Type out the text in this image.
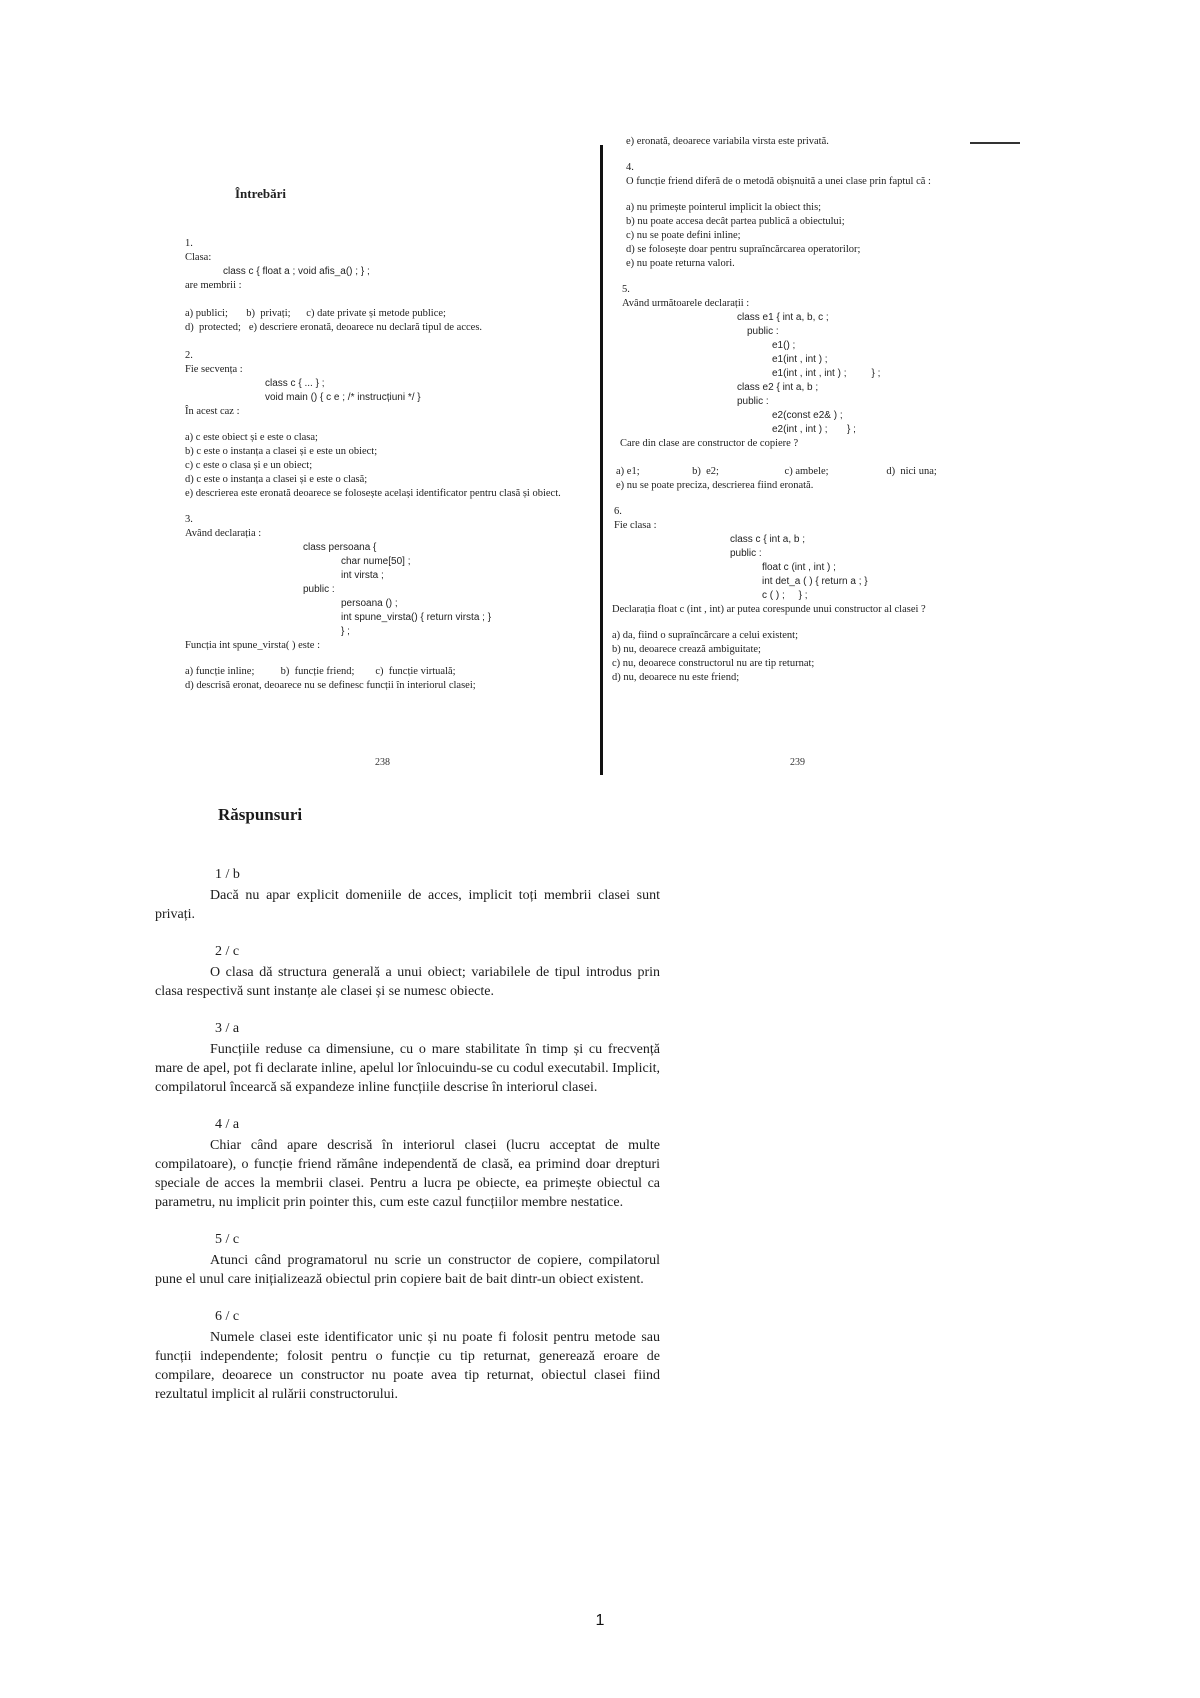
Întrebări
1.
Clasa:
class c { float a ; void afis_a() ; } ;
are membrii :
a) publici;       b)  privați;      c) date private și metode publice;
d)  protected;   e) descriere eronată, deoarece nu declară tipul de acces.
2.
Fie secvența :
class c { ... } ;
void main () { c e ; /* instrucțiuni */ }
În acest caz :
a) c este obiect și e este o clasa;
b) c este o instanța a clasei și e este un obiect;
c) c este o clasa și e un obiect;
d) c este o instanța a clasei și e este o clasă;
e) descrierea este eronată deoarece se folosește același identificator pentru clasă și obiect.
3.
Având declarația :
class persoana {
char nume[50] ;
int virsta ;
public :
persoana () ;
int spune_virsta() { return virsta ; }
} ;
Funcția int spune_virsta( ) este :
a) funcție inline;          b)  funcție friend;        c)  funcție virtuală;
d) descrisă eronat, deoarece nu se definesc funcții în interiorul clasei;
238
e) eronată, deoarece variabila virsta este privată.
4.
O funcție friend diferă de o metodă obișnuită a unei clase prin faptul că :
a) nu primește pointerul implicit la obiect this;
b) nu poate accesa decât partea publică a obiectului;
c) nu se poate defini inline;
d) se folosește doar pentru supraîncărcarea operatorilor;
e) nu poate returna valori.
5.
Având următoarele declarații :
class e1 { int a, b, c ;
public :
e1() ;
e1(int , int ) ;
e1(int , int , int ) ;         } ;
class e2 { int a, b ;
public :
e2(const e2& ) ;
e2(int , int ) ;       } ;
Care din clase are constructor de copiere ?
a) e1;                    b)  e2;                         c) ambele;                      d)  nici una;
e) nu se poate preciza, descrierea fiind eronată.
6.
Fie clasa :
class c { int a, b ;
public :
float c (int , int ) ;
int det_a ( ) { return a ; }
c ( ) ;     } ;
Declarația float c (int , int) ar putea corespunde unui constructor al clasei ?
a) da, fiind o supraîncărcare a celui existent;
b) nu, deoarece crează ambiguitate;
c) nu, deoarece constructorul nu are tip returnat;
d) nu, deoarece nu este friend;
239
Răspunsuri
1 / b
Dacă nu apar explicit domeniile de acces, implicit toți membrii clasei sunt privați.
2 / c
O clasa dă structura generală a unui obiect; variabilele de tipul introdus prin clasa respectivă sunt instanțe ale clasei și se numesc obiecte.
3 / a
Funcțiile reduse ca dimensiune, cu o mare stabilitate în timp și cu frecvență mare de apel, pot fi declarate inline, apelul lor înlocuindu-se cu codul executabil. Implicit, compilatorul încearcă să expandeze inline funcțiile descrise în interiorul clasei.
4 / a
Chiar când apare descrisă în interiorul clasei (lucru acceptat de multe compilatoare), o funcție friend rămâne independentă de clasă, ea primind doar drepturi speciale de acces la membrii clasei. Pentru a lucra pe obiecte, ea primește obiectul ca parametru, nu implicit prin pointer this, cum este cazul funcțiilor membre nestatice.
5 / c
Atunci când programatorul nu scrie un constructor de copiere, compilatorul pune el unul care inițializează obiectul prin copiere bait de bait dintr-un obiect existent.
6 / c
Numele clasei este identificator unic și nu poate fi folosit pentru metode sau funcții independente; folosit pentru o funcție cu tip returnat, generează eroare de compilare, deoarece un constructor nu poate avea tip returnat, obiectul clasei fiind rezultatul implicit al rulării constructorului.
1
